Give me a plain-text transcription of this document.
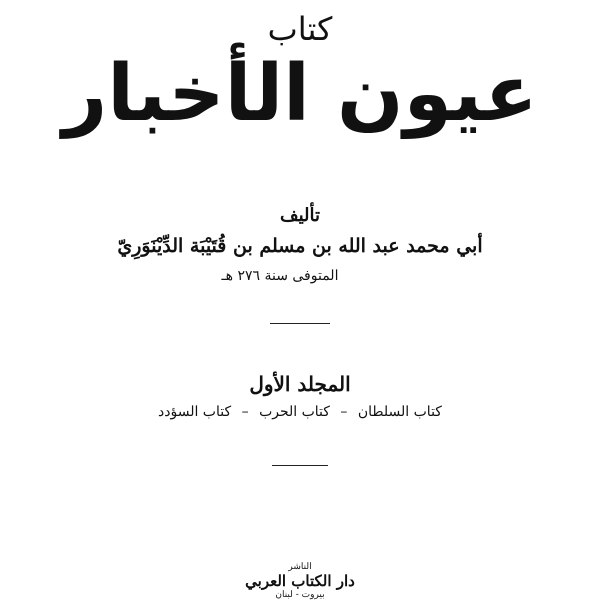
كتاب
عيون الأخبار
تأليف
أبي محمد عبد الله بن مسلم بن قُتَيْبَة الدِّيْنَوَرِيّ
المتوفى سنة ٢٧٦ هـ
المجلد الأول
كتاب السلطان – كتاب الحرب – كتاب السؤدد
الناشر
دار الكتاب العربي
بيروت - لبنان
